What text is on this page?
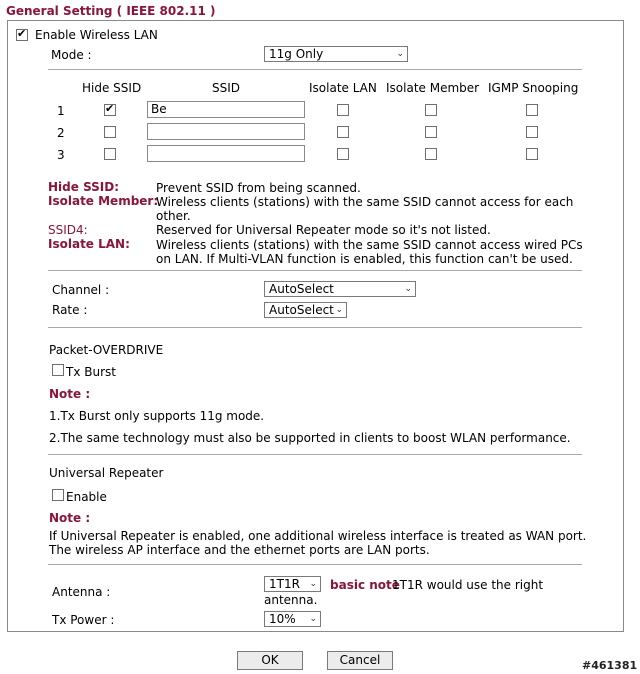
General Setting ( IEEE 802.11 )
✔
Enable Wireless LAN
Mode :	11g Only	⌄
Hide SSID	SSID	Isolate LAN Isolate Member IGMP Snooping
1
✔	Be
2
3
Hide SSID:	Prevent SSID from being scanned.
Isolate Member:
Wireless clients (stations) with the same SSID cannot access for each
other.
SSID4:	Reserved for Universal Repeater mode so it's not listed.
Isolate LAN: Wireless clients (stations) with the same SSID cannot access wired PCs
on LAN. If Multi-VLAN function is enabled, this function can't be used.
Channel :	AutoSelect	⌄
Rate :	AutoSelect ⌄
Packet-OVERDRIVE
Tx Burst
Note :
1.Tx Burst only supports 11g mode.
2.The same technology must also be supported in clients to boost WLAN performance.
Universal Repeater
Enable
Note :
If Universal Repeater is enabled, one additional wireless interface is treated as WAN port.
The wireless AP interface and the ethernet ports are LAN ports.
Antenna :
1T1R ⌄ basic note
1T1R would use the right
antenna.
Tx Power :	10% ⌄
OK	Cancel	#461381
